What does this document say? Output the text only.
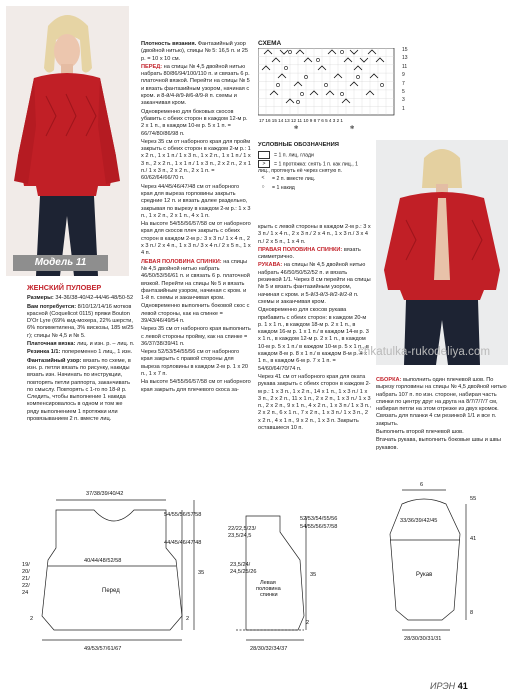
Модель 11
ЖЕНСКИЙ ПУЛОВЕР

Размеры: 34-36/38-40/42-44/46-48/50-52

Вам потребуется: 8/10/12/14/16 мотков красной (Coquelicot 0115) пряжи Bouton D'Or Lyre (69% кид-мохера, 22% шерсти, 6% полиметилена, 3% вискозы, 185 м/25 г); спицы № 4,5 и № 5.

Платочная вязка: лиц. и изн. р. – лиц. п.

Резинка 1/1: попеременно 1 лиц., 1 изн.

Фантазийный узор: вязать по схеме, в изн. р. петли вязать по рисунку, накиды вязать изн. Начинать по инструкции, повторять петли раппорта, заканчивать по смыслу. Повторять с 1-го по 18-й р. Следить, чтобы выполнение 1 накида компенсировалось в одном и том же ряду выполнением 1 протяжки или провязыванием 2 п. вместе лиц.

Плотность вязания. Фантазийный узор (двойной нитью), спицы № 5: 16,5 п. и 25 р. = 10 х 10 см.

ПЕРЕД: на спицы № 4,5 двойной нитью набрать 80/86/94/100/110 п. и связать 6 р. платочной вязкой. Перейти на спицы № 5 и вязать фантазийным узором, начиная с кром. и 8-й/4-й/9-й/6-й/9-й п. схемы и заканчивая кром.

Одновременно для боковых скосов убавить с обеих сторон в каждом 12-м р. 2 х 1 п., в каждом 10-м р. 5 х 1 п. = 66/74/80/86/98 п.

Через 35 см от наборного края для пройм закрыть с обеих сторон в каждом 2-м р.: 1 х 2 п., 1 х 1 п./ 1 х 3 п., 1 х 2 п., 1 х 1 п./ 1 х 3 п., 2 х 2 п., 1 х 1 п./ 1 х 3 п., 2 х 2 п., 2 х 1 п./ 1 х 3 п., 2 х 2 п., 2 х 1 п. = 60/62/64/66/70 п.

Через 44/45/46/47/48 см от наборного края для выреза горловины закрыть средние 12 п. и вязать далее раздельно, закрывая по вырезу в каждом 2-м р.: 1 х 3 п., 1 х 2 п., 2 х 1 п., 4 х 1 п.

На высоте 54/55/56/57/58 см от наборного края для скосов плеч закрыть с обеих сторон в каждом 2-м р.: 3 х 3 п./ 1 х 4 п., 2 х 3 п./ 2 х 4 п., 1 х 3 п./ 3 х 4 п./ 2 х 5 п., 1 х 4 п.

ЛЕВАЯ ПОЛОВИНА СПИНКИ: на спицы № 4,5 двойной нитью набрать 46/50/53/56/61 п. и связать 6 р. платочной вязкой. Перейти на спицы № 5 и вязать фантазийным узором, начиная с кром. и 1-й п. схемы и заканчивая кром.

Одновременно выполнить боковой скос с левой стороны, как на спинке = 39/43/46/49/54 п.

Через 35 см от наборного края выполнить с левой стороны пройму, как на спинке = 36/37/38/39/41 п.

Через 52/53/54/55/56 см от наборного края закрыть с правой стороны для выреза горловины в каждом 2-м р. 1 х 20 п., 1 х 7 п.

На высоте 54/55/56/57/58 см от наборного края закрыть для плечевого скоса за-

СХЕМА
17 16 15 14 13 12 11 10 9 8 7 6 5 4 3 2 1
✻	✻
15
13
11
9
7
5
3
1
УСЛОВНЫЕ ОБОЗНАЧЕНИЯ
= 1 п. лиц. глади
> = 1 протяжка: снять 1 п. как лиц., 1 лиц., протянуть её через снятую п.
< = 2 п. вместе лиц.
○ = 1 накид

крыть с левой стороны в каждом 2-м р.: 3 х 3 п./ 1 х 4 п., 2 х 3 п./ 2 х 4 п., 1 х 3 п./ 3 х 4 п./ 2 х 5 п., 1 х 4 п.

ПРАВАЯ ПОЛОВИНА СПИНКИ: вязать симметрично.

РУКАВА: на спицы № 4,5 двойной нитью набрать 46/50/50/52/52 п. и вязать резинкой 1/1. Через 8 см перейти на спицы № 5 и вязать фантазийным узором, начиная с кром. и 5-й/3-й/3-й/2-й/2-й п. схемы и заканчивая кром.

Одновременно для скосов рукава прибавить с обеих сторон: в каждом 20-м р. 1 х 1 п., в каждом 18-м р. 2 х 1 п., в каждом 16-м р. 1 х 1 п./ в каждом 14-м р. 3 х 1 п., в каждом 12-м р. 2 х 1 п., в каждом 10-м р. 5 х 1 п./ в каждом 10-м р. 5 х 1 п., в каждом 8-м р. 8 х 1 п./ в каждом 8-м р. 4 х 1 п., в каждом 6-м р. 7 х 1 п. = 54/60/64/70/74 п.

Через 41 см от наборного края для оката рукава закрыть с обеих сторон в каждом 2-м р.: 1 х 3 п., 1 х 2 п., 14 х 1 п., 1 х 3 п./ 1 х 3 п., 2 х 2 п., 11 х 1 п., 2 х 2 п., 1 х 3 п./ 1 х 3 п., 2 х 2 п., 9 х 1 п., 4 х 2 п., 1 х 3 п./ 1 х 3 п., 2 х 2 п., 6 х 1 п., 7 х 2 п., 1 х 3 п./ 1 х 3 п., 2 х 2 п., 4 х 1 п., 9 х 2 п., 1 х 3 п. Закрыть оставшиеся 10 п.

СБОРКА: выполнить один плечевой шов. По вырезу горловины на спицы № 4,5 двойной нитью набрать 107 п. по изн. стороне, набирая часть спинки по центру друг на друга на 8/7/7/7/7 см, набирая петли на этом отрезке из двух кромок. Связать для планки 4 см резинкой 1/1 и все п. закрыть.

Выполнить второй плечевой шов.

Втачать рукава, выполнить боковые швы и швы рукавов.

shkatulka-rukodeliya.com
37/38/39/40/42
54/55/56/57/58
44/45/46/47/48
35
19/
20/
21/
22/
24
40/44/48/52/58
Перед
49/53/57/61/67
2	2
22/22,5/23/
23,5/24,5
52/53/54/55/56
54/55/56/57/58
23,5/24/
24,5/25/26	35
Левая
половина
спинки
28/30/32/34/37
2
6
33/36/39/42/45
55
41
Рукав
8
28/30/30/31/31
ИРЭН 41
